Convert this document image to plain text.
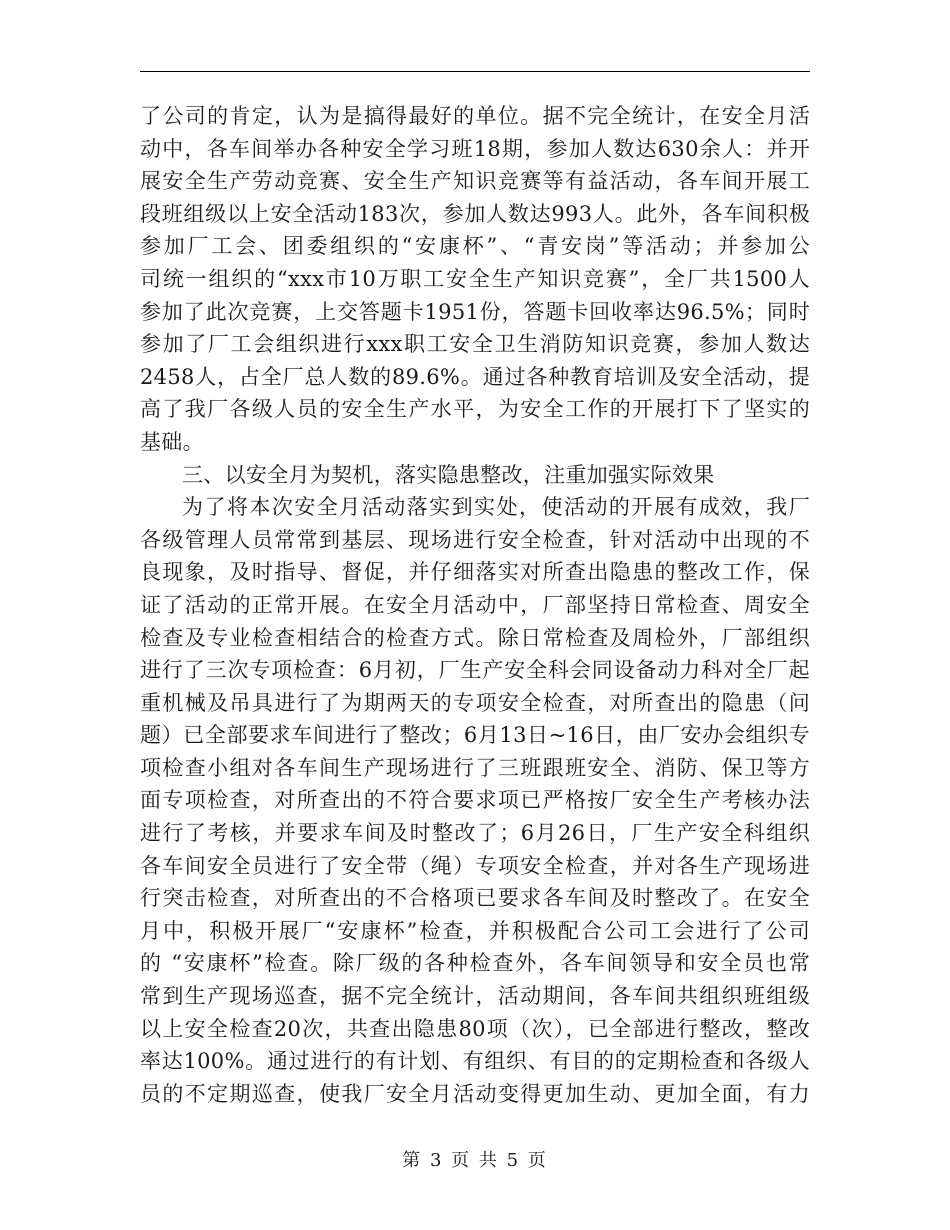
了公司的肯定，认为是搞得最好的单位。据不完全统计，在安全月活

动中，各车间举办各种安全学习班18期，参加人数达630余人：并开

展安全生产劳动竞赛、安全生产知识竞赛等有益活动，各车间开展工

段班组级以上安全活动183次，参加人数达993人。此外，各车间积极

参加厂工会、团委组织的“安康杯”、“青安岗”等活动；并参加公

司统一组织的“xxx市10万职工安全生产知识竞赛”，全厂共1500人

参加了此次竞赛，上交答题卡1951份，答题卡回收率达96.5%；同时

参加了厂工会组织进行xxx职工安全卫生消防知识竞赛，参加人数达

2458人，占全厂总人数的89.6%。通过各种教育培训及安全活动，提

高了我厂各级人员的安全生产水平，为安全工作的开展打下了坚实的

基础。

三、以安全月为契机，落实隐患整改，注重加强实际效果

为了将本次安全月活动落实到实处，使活动的开展有成效，我厂

各级管理人员常常到基层、现场进行安全检查，针对活动中出现的不

良现象，及时指导、督促，并仔细落实对所查出隐患的整改工作，保

证了活动的正常开展。在安全月活动中，厂部坚持日常检查、周安全

检查及专业检查相结合的检查方式。除日常检查及周检外，厂部组织

进行了三次专项检查：6月初，厂生产安全科会同设备动力科对全厂起

重机械及吊具进行了为期两天的专项安全检查，对所查出的隐患（问

题）已全部要求车间进行了整改；6月13日~16日，由厂安办会组织专

项检查小组对各车间生产现场进行了三班跟班安全、消防、保卫等方

面专项检查，对所查出的不符合要求项已严格按厂安全生产考核办法

进行了考核，并要求车间及时整改了；6月26日，厂生产安全科组织

各车间安全员进行了安全带（绳）专项安全检查，并对各生产现场进

行突击检查，对所查出的不合格项已要求各车间及时整改了。在安全

月中，积极开展厂“安康杯”检查，并积极配合公司工会进行了公司

的 “安康杯”检查。除厂级的各种检查外，各车间领导和安全员也常

常到生产现场巡查，据不完全统计，活动期间，各车间共组织班组级

以上安全检查20次，共查出隐患80项（次），已全部进行整改，整改

率达100%。通过进行的有计划、有组织、有目的的定期检查和各级人

员的不定期巡查，使我厂安全月活动变得更加生动、更加全面，有力

第 3 页 共 5 页
